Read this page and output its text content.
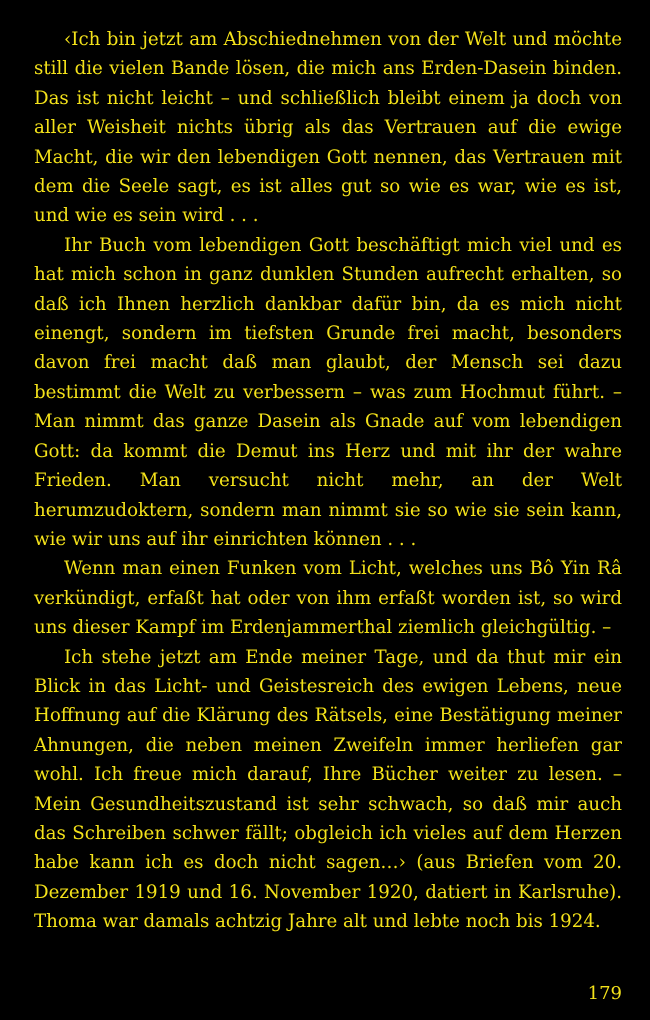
‹Ich bin jetzt am Abschiednehmen von der Welt und möchte still die vielen Bande lösen, die mich ans Erden-Dasein binden. Das ist nicht leicht – und schließlich bleibt einem ja doch von aller Weisheit nichts übrig als das Vertrauen auf die ewige Macht, die wir den lebendigen Gott nennen, das Vertrauen mit dem die Seele sagt, es ist alles gut so wie es war, wie es ist, und wie es sein wird . . .

Ihr Buch vom lebendigen Gott beschäftigt mich viel und es hat mich schon in ganz dunklen Stunden aufrecht erhalten, so daß ich Ihnen herzlich dankbar dafür bin, da es mich nicht einengt, sondern im tiefsten Grunde frei macht, besonders davon frei macht daß man glaubt, der Mensch sei dazu bestimmt die Welt zu verbessern – was zum Hochmut führt. – Man nimmt das ganze Dasein als Gnade auf vom lebendigen Gott: da kommt die Demut ins Herz und mit ihr der wahre Frieden. Man versucht nicht mehr, an der Welt herumzudoktern, sondern man nimmt sie so wie sie sein kann, wie wir uns auf ihr einrichten können . . .

Wenn man einen Funken vom Licht, welches uns Bô Yin Râ verkündigt, erfaßt hat oder von ihm erfaßt worden ist, so wird uns dieser Kampf im Erdenjammerthal ziemlich gleichgültig. –

Ich stehe jetzt am Ende meiner Tage, und da thut mir ein Blick in das Licht- und Geistesreich des ewigen Lebens, neue Hoffnung auf die Klärung des Rätsels, eine Bestätigung meiner Ahnungen, die neben meinen Zweifeln immer herliefen gar wohl. Ich freue mich darauf, Ihre Bücher weiter zu lesen. – Mein Gesundheitszustand ist sehr schwach, so daß mir auch das Schreiben schwer fällt; obgleich ich vieles auf dem Herzen habe kann ich es doch nicht sagen…› (aus Briefen vom 20. Dezember 1919 und 16. November 1920, datiert in Karlsruhe). Thoma war damals achtzig Jahre alt und lebte noch bis 1924.

179
